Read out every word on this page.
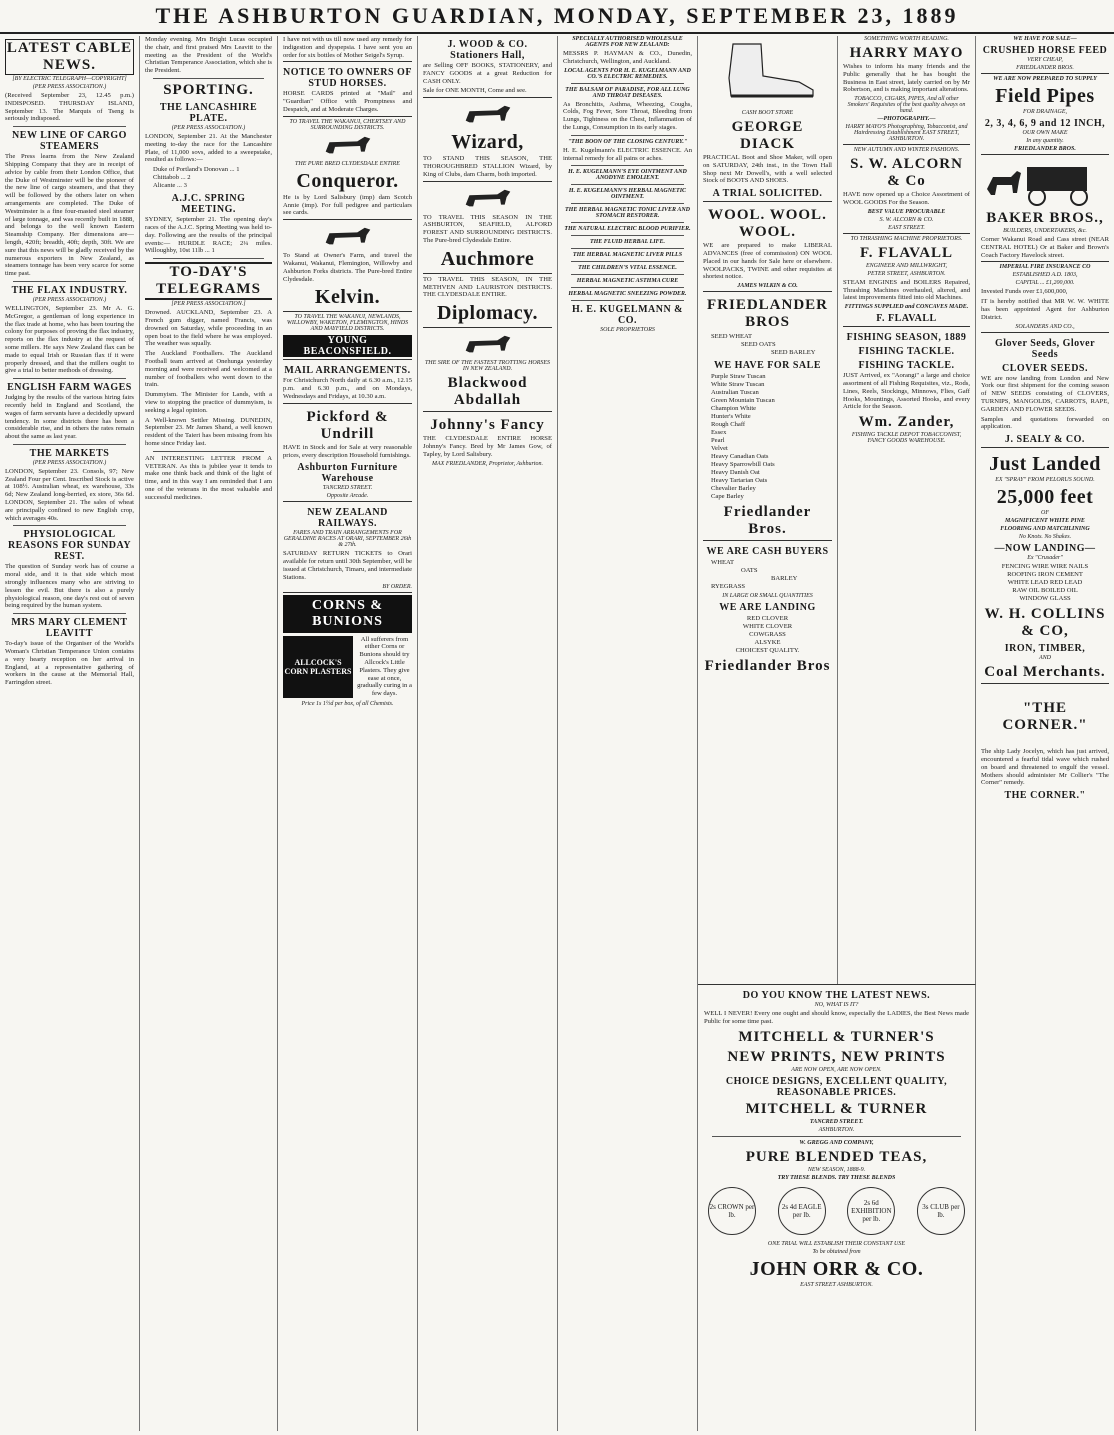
THE ASHBURTON GUARDIAN, MONDAY, SEPTEMBER 23, 1889
LATEST CABLE NEWS.
[BY ELECTRIC TELEGRAPH—COPYRIGHT]
(PER PRESS ASSOCIATION.)

(Received September 23, 12.45 p.m.) INDISPOSED. THURSDAY ISLAND, September 13. The Marquis of Tseng is seriously indisposed.

NEW LINE OF CARGO STEAMERS

The Press learns from the New Zealand Shipping Company that they are in receipt of advice by cable from their London Office, that the Duke of Westminster will be the pioneer of the new line of cargo steamers, and that they will be followed by the others later on when arrangements are completed. The Duke of Westminster is a fine four-masted steel steamer of large tonnage, and was recently built in 1888, and belongs to the well known Eastern Steamship Company. Her dimensions are—length, 420ft; breadth, 40ft; depth, 30ft. We are sure that this news will be gladly received by the numerous exporters in New Zealand, as steamers tonnage has been very scarce for some time past.

THE FLAX INDUSTRY.
(PER PRESS ASSOCIATION.)

WELLINGTON, September 23. Mr A. G. McGregor, a gentleman of long experience in the flax trade at home, who has been touring the colony for purposes of proving the flax industry, reports on the flax industry at the request of some millers. He says New Zealand flax can be made to equal Irish or Russian flax if it were properly dressed, and that the millers ought to give a trial to better methods of dressing.

ENGLISH FARM WAGES

Judging by the results of the various hiring fairs recently held in England and Scotland, the wages of farm servants have a decidedly upward tendency. In some districts there has been a considerable rise, and in others the rates remain about the same as last year.

THE MARKETS
(PER PRESS ASSOCIATION.)

LONDON, September 23. Consols, 97; New Zealand Four per Cent. Inscribed Stock is active at 108½. Australian wheat, ex warehouse, 33s 6d; New Zealand long-berried, ex store, 36s 6d. LONDON, September 21. The sales of wheat are principally confined to new English crop, which averages 40s.

PHYSIOLOGICAL REASONS FOR SUNDAY REST.

The question of Sunday work has of course a moral side, and it is that side which most strongly influences many who are striving to lessen the evil. But there is also a purely physiological reason, one day's rest out of seven being required by the human system.

MRS MARY CLEMENT LEAVITT

To-day's issue of the Organiser of the World's Woman's Christian Temperance Union contains a very hearty reception on her arrival in England, at a representative gathering of workers in the cause at the Memorial Hall, Farringdon street.

Monday evening. Mrs Bright Lucas occupied the chair, and first praised Mrs Leavitt to the meeting as the President of the World's Christian Temperance Association, which she is the President.

SPORTING.
THE LANCASHIRE PLATE.
(PER PRESS ASSOCIATION.)

LONDON, September 21. At the Manchester meeting to-day the race for the Lancashire Plate, of 11,000 sovs, added to a sweepstake, resulted as follows:—

Duke of Portland's Donovan ... 1
Chittabob ... 2
Alicante ... 3
A.J.C. SPRING MEETING.

SYDNEY, September 21. The opening day's races of the A.J.C. Spring Meeting was held to-day. Following are the results of the principal events:— HURDLE RACE; 2¼ miles. Willoughby, 10st 11lb ... 1

TO-DAY'S TELEGRAMS
[PER PRESS ASSOCIATION.]

Drowned. AUCKLAND, September 23. A French gum digger, named Francis, was drowned on Saturday, while proceeding in an open boat to the field where he was employed. The weather was squally.

The Auckland Footballers. The Auckland Football team arrived at Onehunga yesterday morning and were received and welcomed at a number of footballers who went down to the train.

Dummyism. The Minister for Lands, with a view to stopping the practice of dummyism, is seeking a legal opinion.

A Well-known Settler Missing. DUNEDIN, September 23. Mr James Shand, a well known resident of the Taieri has been missing from his home since Friday last.

AN INTERESTING LETTER FROM A VETERAN. As this is jubilee year it tends to make one think back and think of the light of time, and in this way I am reminded that I am one of the veterans in the most valuable and successful medicines.

I have not with us till now used any remedy for indigestion and dyspepsia. I have sent you an order for six bottles of Mother Seigel's Syrup.

NOTICE TO OWNERS OF STUD HORSES.

HORSE CARDS printed at "Mail" and "Guardian" Office with Promptness and Despatch, and at Moderate Charges.

TO TRAVEL THE WAKANUI, CHERTSEY AND SURROUNDING DISTRICTS.
THE PURE BRED CLYDESDALE ENTIRE
Conqueror.

He is by Lord Salisbury (imp) dam Scotch Annie (imp). For full pedigree and particulars see cards.

To Stand at Owner's Farm, and travel the Wakanui, Wakanui, Flemington, Willowby and Ashburton Forks districts. The Pure-bred Entire Clydesdale.

Kelvin.
TO TRAVEL THE WAKANUI, NEWLANDS, WILLOWBY, WAKETON, FLEMINGTON, HINDS AND MAYFIELD DISTRICTS.
YOUNG BEACONSFIELD.
MAIL ARRANGEMENTS.

For Christchurch North daily at 6.30 a.m., 12.15 p.m. and 6.30 p.m., and on Mondays, Wednesdays and Fridays, at 10.30 a.m.

Pickford & Undrill

HAVE in Stock and for Sale at very reasonable prices, every description Household furnishings.

Ashburton Furniture Warehouse
TANCRED STREET.
Opposite Arcade.
NEW ZEALAND RAILWAYS.
FARES AND TRAIN ARRANGEMENTS FOR GERALDINE RACES AT ORARI, SEPTEMBER 26th & 27th.

SATURDAY RETURN TICKETS to Orari available for return until 30th September, will be issued at Christchurch, Timaru, and intermediate Stations.

BY ORDER.
CORNS & BUNIONS
ALLCOCK'S CORN PLASTERS
All sufferers from either Corns or Bunions should try Allcock's Little Plasters. They give ease at once, gradually curing in a few days.
Price 1s 1½d per box, of all Chemists.
J. WOOD & CO. Stationers Hall,

are Selling OFF BOOKS, STATIONERY, and FANCY GOODS at a great Reduction for CASH ONLY.

Sale for ONE MONTH, Come and see.

Wizard,

TO STAND THIS SEASON, THE THOROUGHBRED STALLION Wizard, by King of Clubs, dam Charm, both imported.

TO TRAVEL THIS SEASON IN THE ASHBURTON, SEAFIELD, ALFORD FOREST AND SURROUNDING DISTRICTS. The Pure-bred Clydesdale Entire.

Auchmore

TO TRAVEL THIS SEASON, IN THE METHVEN AND LAURISTON DISTRICTS. THE CLYDESDALE ENTIRE.

Diplomacy.
THE SIRE OF THE FASTEST TROTTING HORSES IN NEW ZEALAND.
Blackwood Abdallah
Johnny's Fancy

THE CLYDESDALE ENTIRE HORSE Johnny's Fancy. Bred by Mr James Gow, of Tapley, by Lord Salisbury.

MAX FRIEDLANDER, Proprietor, Ashburton.
SPECIALLY AUTHORISED WHOLESALE AGENTS FOR NEW ZEALAND:

MESSRS P. HAYMAN & CO., Dunedin, Christchurch, Wellington, and Auckland.

LOCAL AGENTS FOR H. E. KUGELMANN AND CO.'S ELECTRIC REMEDIES.
THE BALSAM OF PARADISE, FOR ALL LUNG AND THROAT DISEASES.

As Bronchitis, Asthma, Wheezing, Coughs, Colds, Fog Fever, Sore Throat, Bleeding from Lungs, Tightness on the Chest, Inflammation of the Lungs, Consumption in its early stages.

"THE BOON OF THE CLOSING CENTURY."

H. E. Kugelmann's ELECTRIC ESSENCE. An internal remedy for all pains or aches.

H. E. KUGELMANN'S EYE OINTMENT AND ANODYNE EMOLIENT.
H. E. KUGELMANN'S HERBAL MAGNETIC OINTMENT.
THE HERBAL MAGNETIC TONIC LIVER AND STOMACH RESTORER.
THE NATURAL ELECTRIC BLOOD PURIFIER.
THE FLUID HERBAL LIFE.
THE HERBAL MAGNETIC LIVER PILLS
THE CHILDREN'S VITAL ESSENCE.
HERBAL MAGNETIC ASTHMA CURE
HERBAL MAGNETIC SNEEZING POWDER.
H. E. KUGELMANN & CO.
SOLE PROPRIETORS
CASH BOOT STORE
GEORGE DIACK

PRACTICAL Boot and Shoe Maker, will open on SATURDAY, 24th inst., in the Town Hall Shop next Mr Dowell's, with a well selected Stock of BOOTS AND SHOES.

A TRIAL SOLICITED.
WOOL. WOOL. WOOL.

WE are prepared to make LIBERAL ADVANCES (free of commission) ON WOOL Placed in our hands for Sale here or elsewhere. WOOLPACKS, TWINE and other requisites at shortest notice.

JAMES WILKIN & CO.
FRIEDLANDER BROS
SEED WHEAT
SEED OATS
SEED BARLEY
WE HAVE FOR SALE
Purple Straw Tuscan
White Straw Tuscan
Australian Tuscan
Green Mountain Tuscan
Champion White
Hunter's White
Rough Chaff
Essex
Pearl
Velvet
Heavy Canadian Oats
Heavy Sparrowbill Oats
Heavy Danish Oat
Heavy Tartarian Oats
Chevalier Barley
Cape Barley
Friedlander Bros.
WE ARE CASH BUYERS
WHEAT
OATS
BARLEY
RYEGRASS
IN LARGE OR SMALL QUANTITIES
WE ARE LANDING
RED CLOVER
WHITE CLOVER
COWGRASS
ALSYKE
CHOICEST QUALITY.
Friedlander Bros
SOMETHING WORTH READING.
HARRY MAYO

Wishes to inform his many friends and the Public generally that he has bought the Business in East street, lately carried on by Mr Robertson, and is making important alterations.

TOBACCO, CIGARS, PIPES, And all other Smokers' Requisites of the best quality always on hand.
—PHOTOGRAPHY.—
HARRY MAYO'S Photographing, Tobacconist, and Hairdressing Establishment EAST STREET, ASHBURTON.
NEW AUTUMN AND WINTER FASHIONS.
S. W. ALCORN & Co

HAVE now opened up a Choice Assortment of WOOL GOODS For the Season.

BEST VALUE PROCURABLE
S. W. ALCORN & CO.
EAST STREET.
TO THRASHING MACHINE PROPRIETORS.
F. FLAVALL
ENGINEER AND MILLWRIGHT,
PETER STREET, ASHBURTON.

STEAM ENGINES and BOILERS Repaired, Thrashing Machines overhauled, altered, and latest improvements fitted into old Machines.

FITTINGS SUPPLIED and CONCAVES MADE.
F. FLAVALL
FISHING SEASON, 1889
FISHING TACKLE.
FISHING TACKLE.

JUST Arrived, ex "Aorangi" a large and choice assortment of all Fishing Requisites, viz., Rods, Lines, Reels, Stockings, Minnows, Flies, Gaff Hooks, Mountings, Assorted Hooks, and every Article for the Season.

Wm. Zander,
FISHING TACKLE DEPOT TOBACCONIST, FANCY GOODS WAREHOUSE.
DO YOU KNOW THE LATEST NEWS.
NO, WHAT IS IT?

WELL I NEVER! Every one ought and should know, especially the LADIES, the Best News made Public for some time past.

MITCHELL & TURNER'S
NEW PRINTS, NEW PRINTS
ARE NOW OPEN, ARE NOW OPEN.
CHOICE DESIGNS, EXCELLENT QUALITY, REASONABLE PRICES.
MITCHELL & TURNER
TANCRED STREET.
ASHBURTON.
W. GREGG AND COMPANY,
PURE BLENDED TEAS,
NEW SEASON, 1888-9.
TRY THESE BLENDS. TRY THESE BLENDS
2s CROWN per lb.
2s 4d EAGLE per lb.
2s 6d EXHIBITION per lb.
3s CLUB per lb.
ONE TRIAL WILL ESTABLISH THEIR CONSTANT USE
To be obtained from
JOHN ORR & CO.
EAST STREET ASHBURTON.
WE HAVE FOR SALE—
CRUSHED HORSE FEED
VERY CHEAP,
FRIEDLANDER BROS.
WE ARE NOW PREPARED TO SUPPLY
Field Pipes
FOR DRAINAGE,
2, 3, 4, 6, 9 and 12 INCH,
OUR OWN MAKE
In any quantity.
FRIEDLANDER BROS.
BAKER BROS.,
BUILDERS, UNDERTAKERS, &c.

Corner Wakanui Road and Cass street (NEAR CENTRAL HOTEL) Or at Baker and Brown's Coach Factory Havelock street.

IMPERIAL FIRE INSURANCE CO
ESTABLISHED A.D. 1803,
CAPITAL ... £1,200,000.

Invested Funds over £1,600,000,

IT is hereby notified that MR W. W. WHITE has been appointed Agent for Ashburton District.

SOLANDERS AND CO.,
Glover Seeds, Glover Seeds
CLOVER SEEDS.

WE are now landing from London and New York our first shipment for the coming season of NEW SEEDS consisting of CLOVERS, TURNIPS, MANGOLDS, CARROTS, RAPE, GARDEN AND FLOWER SEEDS.

Samples and quotations forwarded on application.

J. SEALY & CO.
Just Landed
EX "SPRAY" FROM PELORUS SOUND.
25,000 feet
OF
MAGNIFICENT WHITE PINE
FLOORING AND MATCHLINING
No Knots. No Shakes.
—NOW LANDING—
Ex "Crusader"
FENCING WIRE WIRE NAILS
ROOFING IRON CEMENT
WHITE LEAD RED LEAD
RAW OIL BOILED OIL
WINDOW GLASS
W. H. COLLINS & CO,
IRON, TIMBER,
AND
Coal Merchants.
"THE CORNER."

The ship Lady Jocelyn, which has just arrived, encountered a fearful tidal wave which rushed on board and threatened to engulf the vessel. Mothers should administer Mr Collier's "The Corner" remedy.

THE CORNER."
